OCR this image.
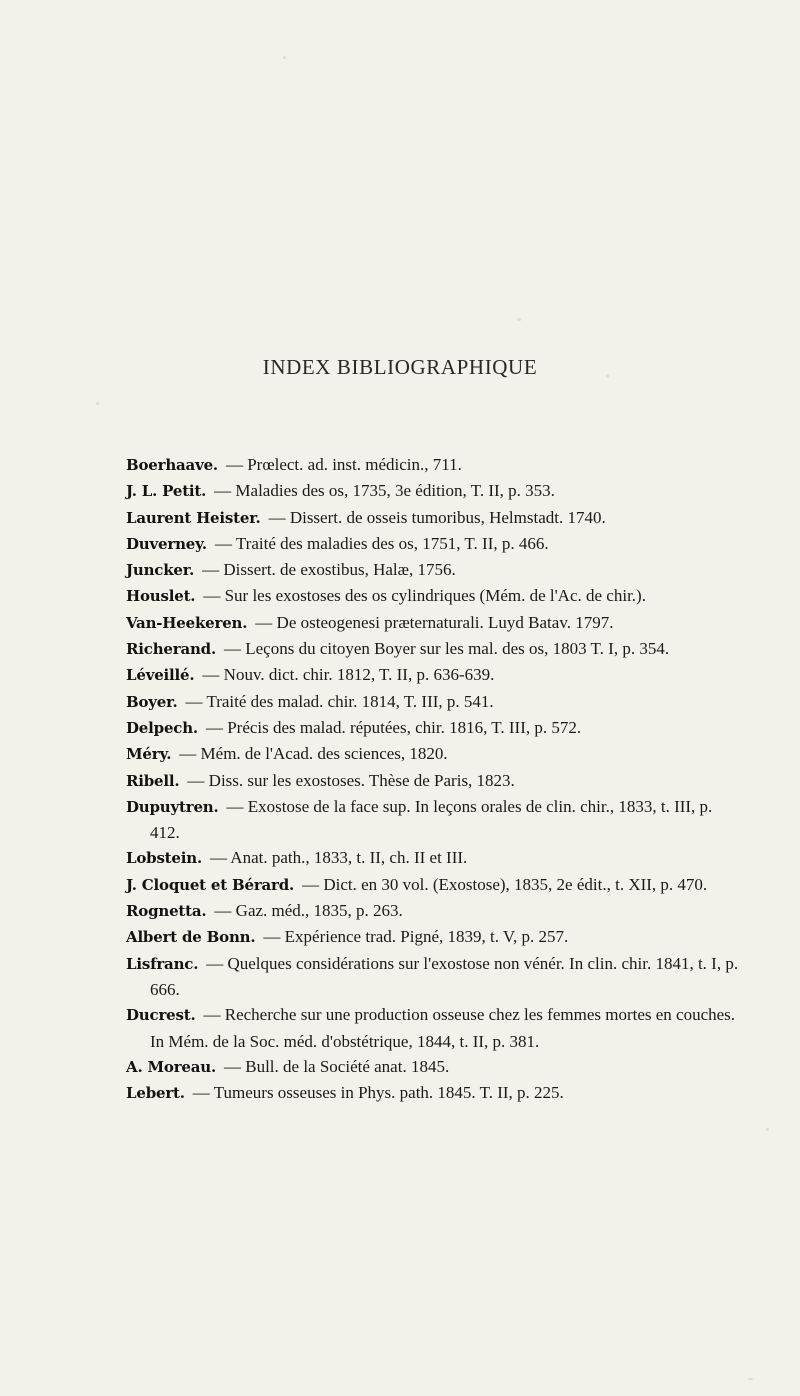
INDEX BIBLIOGRAPHIQUE
Boerhaave. — Prœlect. ad. inst. médicin., 711.
J. L. Petit. — Maladies des os, 1735, 3e édition, T. II, p. 353.
Laurent Heister. — Dissert. de osseis tumoribus, Helmstadt. 1740.
Duverney. — Traité des maladies des os, 1751, T. II, p. 466.
Juncker. — Dissert. de exostibus, Halæ, 1756.
Houslet. — Sur les exostoses des os cylindriques (Mém. de l'Ac. de chir.).
Van-Heekeren. — De osteogenesi præternaturali. Luyd Batav. 1797.
Richerand. — Leçons du citoyen Boyer sur les mal. des os, 1803 T. I, p. 354.
Léveillé. — Nouv. dict. chir. 1812, T. II, p. 636-639.
Boyer. — Traité des malad. chir. 1814, T. III, p. 541.
Delpech. — Précis des malad. réputées, chir. 1816, T. III, p. 572.
Méry. — Mém. de l'Acad. des sciences, 1820.
Ribell. — Diss. sur les exostoses. Thèse de Paris, 1823.
Dupuytren. — Exostose de la face sup. In leçons orales de clin. chir., 1833, t. III, p. 412.
Lobstein. — Anat. path., 1833, t. II, ch. II et III.
J. Cloquet et Bérard. — Dict. en 30 vol. (Exostose), 1835, 2e édit., t. XII, p. 470.
Rognetta. — Gaz. méd., 1835, p. 263.
Albert de Bonn. — Expérience trad. Pigné, 1839, t. V, p. 257.
Lisfranc. — Quelques considérations sur l'exostose non vénér. In clin. chir. 1841, t. I, p. 666.
Ducrest. — Recherche sur une production osseuse chez les femmes mortes en couches. In Mém. de la Soc. méd. d'obstétrique, 1844, t. II, p. 381.
A. Moreau. — Bull. de la Société anat. 1845.
Lebert. — Tumeurs osseuses in Phys. path. 1845. T. II, p. 225.
